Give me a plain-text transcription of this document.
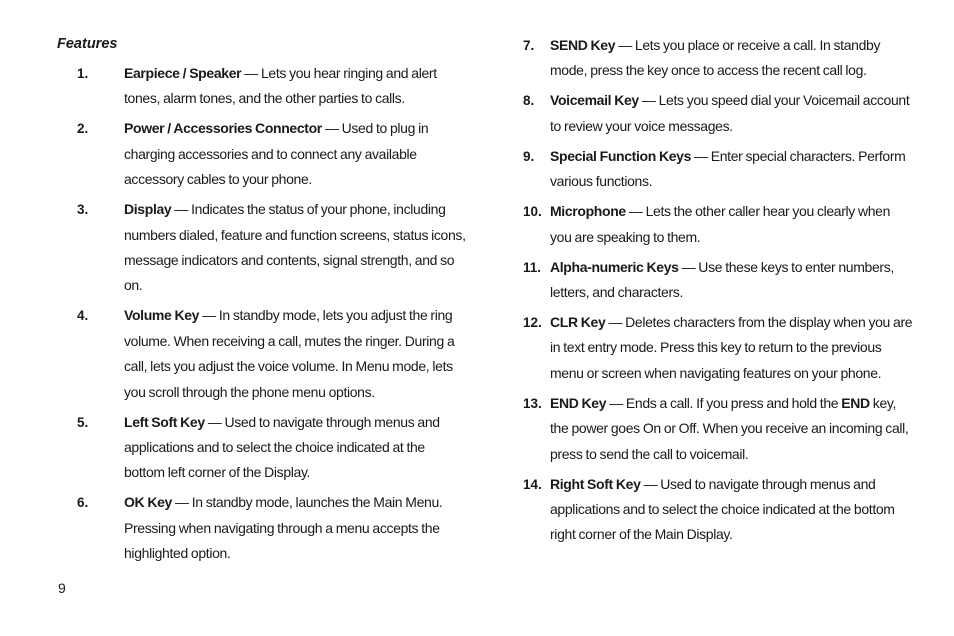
Features
1.	Earpiece / Speaker — Lets you hear ringing and alert tones, alarm tones, and the other parties to calls.
2.	Power / Accessories Connector — Used to plug in charging accessories and to connect any available accessory cables to your phone.
3.	Display — Indicates the status of your phone, including numbers dialed, feature and function screens, status icons, message indicators and contents, signal strength, and so on.
4.	Volume Key — In standby mode, lets you adjust the ring volume. When receiving a call, mutes the ringer. During a call, lets you adjust the voice volume. In Menu mode, lets you scroll through the phone menu options.
5.	Left Soft Key — Used to navigate through menus and applications and to select the choice indicated at the bottom left corner of the Display.
6.	OK Key — In standby mode, launches the Main Menu. Pressing when navigating through a menu accepts the highlighted option.
7.	SEND Key — Lets you place or receive a call. In standby mode, press the key once to access the recent call log.
8.	Voicemail Key — Lets you speed dial your Voicemail account to review your voice messages.
9.	Special Function Keys — Enter special characters. Perform various functions.
10. Microphone — Lets the other caller hear you clearly when you are speaking to them.
11. Alpha-numeric Keys — Use these keys to enter numbers, letters, and characters.
12. CLR Key — Deletes characters from the display when you are in text entry mode. Press this key to return to the previous menu or screen when navigating features on your phone.
13. END Key — Ends a call. If you press and hold the END key, the power goes On or Off. When you receive an incoming call, press to send the call to voicemail.
14. Right Soft Key — Used to navigate through menus and applications and to select the choice indicated at the bottom right corner of the Main Display.
9
